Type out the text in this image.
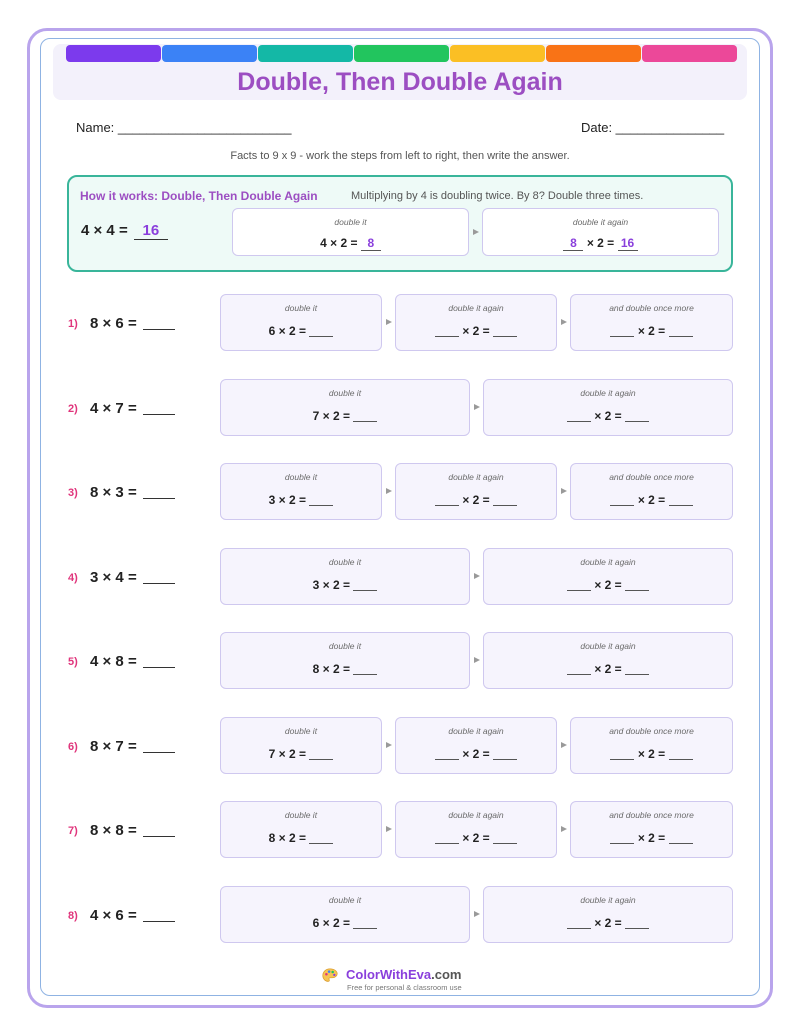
Double, Then Double Again
Name: ________________________	Date: _______________
Facts to 9 x 9 - work the steps from left to right, then write the answer.
How it works: Double, Then Double Again	Multiplying by 4 is doubling twice. By 8? Double three times.
4 × 4 = 16	double it
4 × 2 = 8
double it again
8 × 2 = 16
1) 8 × 6 =
2) 4 × 7 =
3) 8 × 3 =
4) 3 × 4 =
5) 4 × 8 =
6) 8 × 7 =
7) 8 × 8 =
8) 4 × 6 =
ColorWithEva.com
Free for personal & classroom use
double it
6 × 2 =
double it again
× 2 =
and double once more
× 2 =
double it
7 × 2 =
double it again
× 2 =
double it
3 × 2 =
double it again
× 2 =
and double once more
× 2 =
double it
3 × 2 =
double it again
× 2 =
double it
8 × 2 =
double it again
× 2 =
double it
7 × 2 =
double it again
× 2 =
and double once more
× 2 =
double it
8 × 2 =
double it again
× 2 =
and double once more
× 2 =
double it
6 × 2 =
double it again
× 2 =
